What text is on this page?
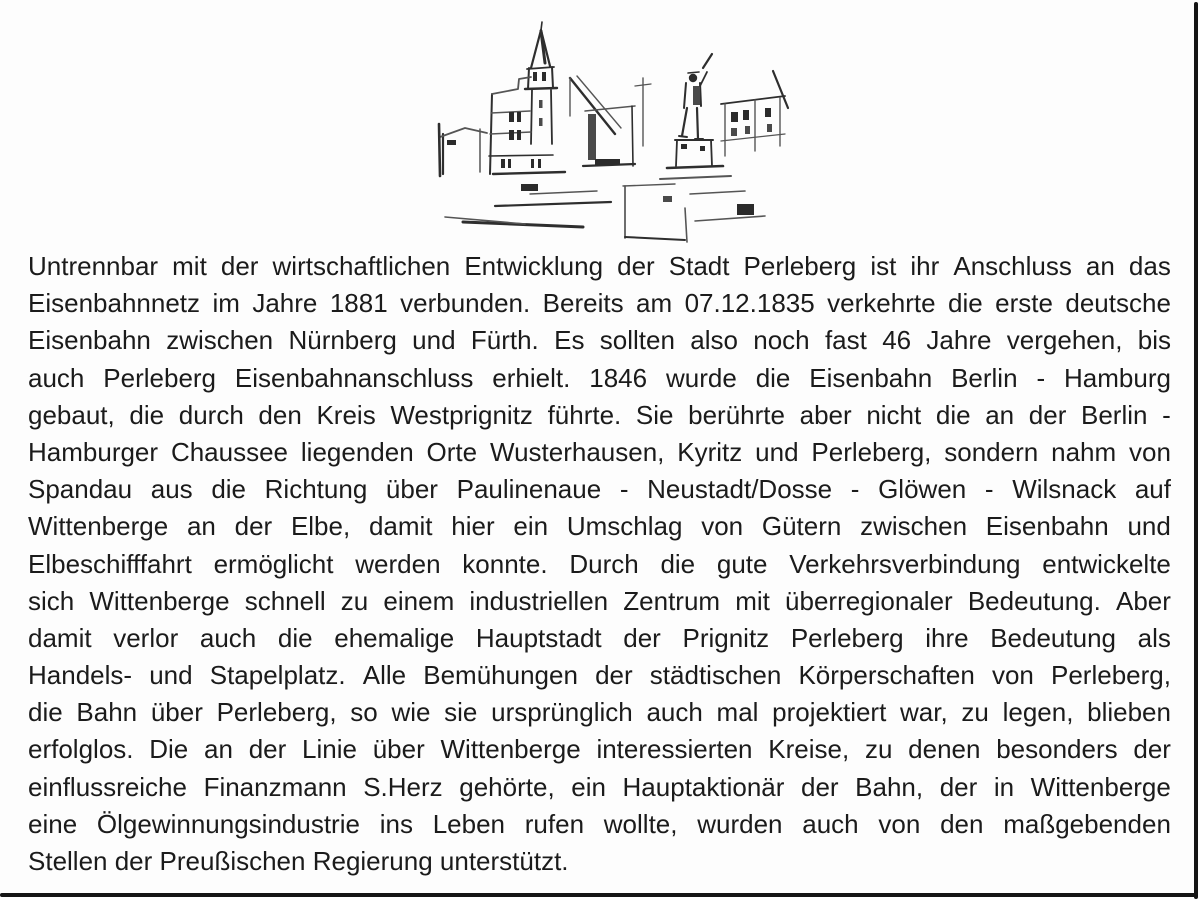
Untrennbar mit der wirtschaftlichen Entwicklung der Stadt Perleberg ist ihr Anschluss an das
Eisenbahnnetz im Jahre 1881 verbunden. Bereits am 07.12.1835 verkehrte die erste deutsche
Eisenbahn zwischen Nürnberg und Fürth. Es sollten also noch fast 46 Jahre vergehen, bis
auch Perleberg Eisenbahnanschluss erhielt. 1846 wurde die Eisenbahn Berlin - Hamburg
gebaut, die durch den Kreis Westprignitz führte. Sie berührte aber nicht die an der Berlin -
Hamburger Chaussee liegenden Orte Wusterhausen, Kyritz und Perleberg, sondern nahm von
Spandau aus die Richtung über Paulinenaue - Neustadt/Dosse - Glöwen - Wilsnack auf
Wittenberge an der Elbe, damit hier ein Umschlag von Gütern zwischen Eisenbahn und
Elbeschifffahrt ermöglicht werden konnte. Durch die gute Verkehrsverbindung entwickelte
sich Wittenberge schnell zu einem industriellen Zentrum mit überregionaler Bedeutung. Aber
damit verlor auch die ehemalige Hauptstadt der Prignitz Perleberg ihre Bedeutung als
Handels- und Stapelplatz. Alle Bemühungen der städtischen Körperschaften von Perleberg,
die Bahn über Perleberg, so wie sie ursprünglich auch mal projektiert war, zu legen, blieben
erfolglos. Die an der Linie über Wittenberge interessierten Kreise, zu denen besonders der
einflussreiche Finanzmann S.Herz gehörte, ein Hauptaktionär der Bahn, der in Wittenberge
eine Ölgewinnungsindustrie ins Leben rufen wollte, wurden auch von den maßgebenden
Stellen der Preußischen Regierung unterstützt.
